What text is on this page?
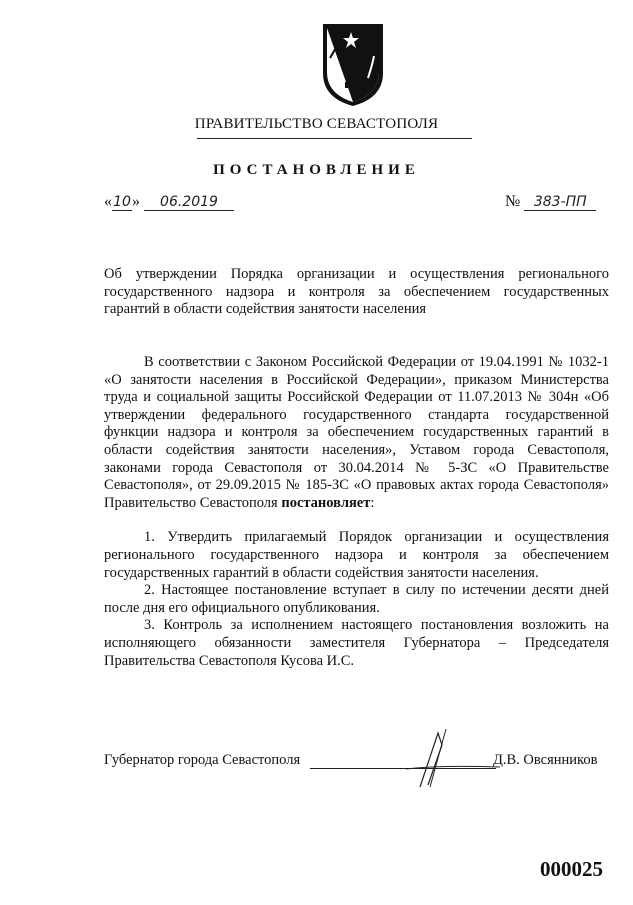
ПРАВИТЕЛЬСТВО СЕВАСТОПОЛЯ
ПОСТАНОВЛЕНИЕ
«10» 06.2019	№ 383-ПП
Об утверждении Порядка организации и осуществления регионального государственного надзора и контроля за обеспечением государственных гарантий в области содействия занятости населения

В соответствии с Законом Российской Федерации от 19.04.1991 № 1032-1 «О занятости населения в Российской Федерации», приказом Министерства труда и социальной защиты Российской Федерации от 11.07.2013 № 304н «Об утверждении федерального государственного стандарта государственной функции надзора и контроля за обеспечением государственных гарантий в области содействия занятости населения», Уставом города Севастополя, законами города Севастополя от 30.04.2014 № 5-ЗС «О Правительстве Севастополя», от 29.09.2015 № 185-ЗС «О правовых актах города Севастополя» Правительство Севастополя постановляет:

1. Утвердить прилагаемый Порядок организации и осуществления регионального государственного надзора и контроля за обеспечением государственных гарантий в области содействия занятости населения.

2. Настоящее постановление вступает в силу по истечении десяти дней после дня его официального опубликования.

3. Контроль за исполнением настоящего постановления возложить на исполняющего обязанности заместителя Губернатора – Председателя Правительства Севастополя Кусова И.С.

Губернатор города Севастополя	Д.В. Овсянников
000025
